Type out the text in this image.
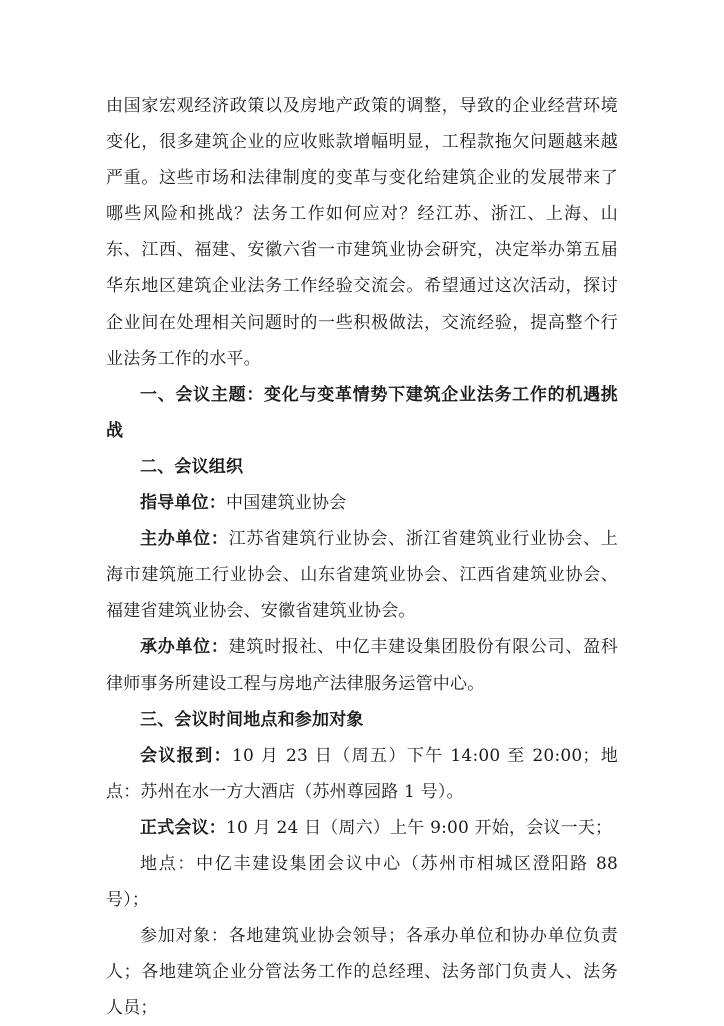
由国家宏观经济政策以及房地产政策的调整，导致的企业经营环境变化，很多建筑企业的应收账款增幅明显，工程款拖欠问题越来越严重。这些市场和法律制度的变革与变化给建筑企业的发展带来了哪些风险和挑战？法务工作如何应对？经江苏、浙江、上海、山东、江西、福建、安徽六省一市建筑业协会研究，决定举办第五届华东地区建筑企业法务工作经验交流会。希望通过这次活动，探讨企业间在处理相关问题时的一些积极做法，交流经验，提高整个行业法务工作的水平。

一、会议主题：变化与变革情势下建筑企业法务工作的机遇挑战

二、会议组织

指导单位：中国建筑业协会

主办单位：江苏省建筑行业协会、浙江省建筑业行业协会、上海市建筑施工行业协会、山东省建筑业协会、江西省建筑业协会、福建省建筑业协会、安徽省建筑业协会。

承办单位：建筑时报社、中亿丰建设集团股份有限公司、盈科律师事务所建设工程与房地产法律服务运管中心。

三、会议时间地点和参加对象

会议报到：10 月 23 日（周五）下午 14:00 至 20:00；地点：苏州在水一方大酒店（苏州尊园路 1 号）。

正式会议：10 月 24 日（周六）上午 9:00 开始，会议一天；

地点：中亿丰建设集团会议中心（苏州市相城区澄阳路 88 号）；

参加对象：各地建筑业协会领导；各承办单位和协办单位负责人；各地建筑企业分管法务工作的总经理、法务部门负责人、法务人员；
